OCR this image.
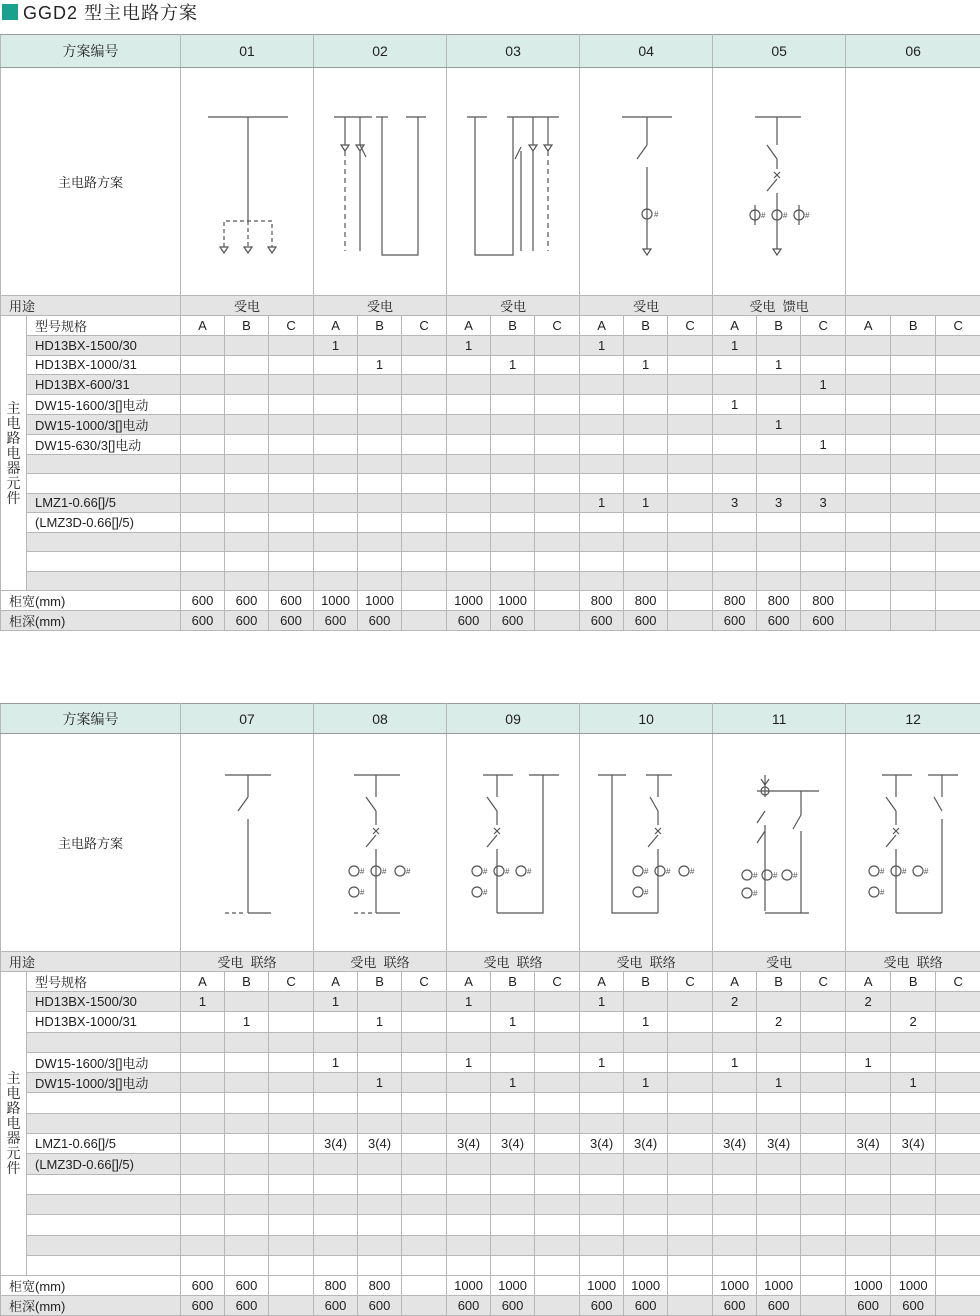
GGD2 型主电路方案
方案编号		01			02			03			04			05			06		
主电路方案											#			# # #

用途		受电			受电			受电			受电			受电  馈电					
主电路电器元件	型号规格	A	B	C	A	B	C	A	B	C	A	B	C	A	B	C	A	B	C
	HD13BX-1500/30				1			1			1			1					
	HD13BX-1000/31					1			1			1			1				
	HD13BX-600/31															1			
	DW15-1600/3[]电动													1					
	DW15-1000/3[]电动														1				
	DW15-630/3[]电动															1			

	LMZ1-0.66[]/5										1	1		3	3	3			
	(LMZ3D-0.66[]/5)																		

柜宽(mm)		600	600	600	1000	1000		1000	1000		800	800		800	800	800			
柜深(mm)		600	600	600	600	600		600	600		600	600		600	600	600			
方案编号		07			08			09			10			11			12		
主电路方案					# # #
#			# # #
#			# # #
#			# # #
#			# # #
#		

用途		受电  联络			受电  联络			受电  联络			受电  联络			受电			受电  联络		
主电路电器元件	型号规格	A	B	C	A	B	C	A	B	C	A	B	C	A	B	C	A	B	C
	HD13BX-1500/30	1			1			1			1			2			2		
	HD13BX-1000/31		1			1			1			1			2			2	

	DW15-1600/3[]电动				1			1			1			1			1		
	DW15-1000/3[]电动					1			1			1			1			1	

	LMZ1-0.66[]/5				3(4)	3(4)		3(4)	3(4)		3(4)	3(4)		3(4)	3(4)		3(4)	3(4)	
	(LMZ3D-0.66[]/5)																		

柜宽(mm)		600	600		800	800		1000	1000		1000	1000		1000	1000		1000	1000	
柜深(mm)		600	600		600	600		600	600		600	600		600	600		600	600	
